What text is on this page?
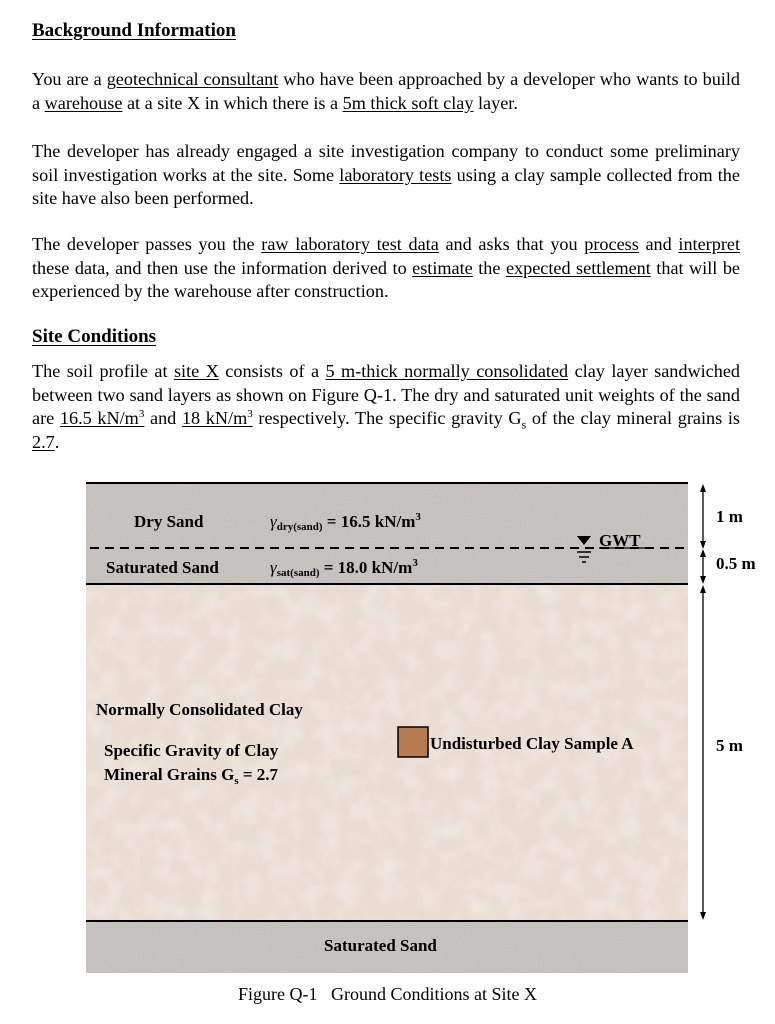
Background Information
You are a geotechnical consultant who have been approached by a developer who wants to build a warehouse at a site X in which there is a 5m thick soft clay layer.
The developer has already engaged a site investigation company to conduct some preliminary soil investigation works at the site. Some laboratory tests using a clay sample collected from the site have also been performed.
The developer passes you the raw laboratory test data and asks that you process and interpret these data, and then use the information derived to estimate the expected settlement that will be experienced by the warehouse after construction.
Site Conditions
The soil profile at site X consists of a 5 m-thick normally consolidated clay layer sandwiched between two sand layers as shown on Figure Q-1. The dry and saturated unit weights of the sand are 16.5 $kN/m^3$ and 18 $kN/m^3$ respectively. The specific gravity $G_s$ of the clay mineral grains is 2.7.
GWT
Dry Sand	γdry(sand) = 16.5 $kN/m^3$
Saturated Sand	γsat(sand) = 18.0 $kN/m^3$
Normally Consolidated Clay
Specific Gravity of Clay
Mineral Grains $G_s = 2.7$
Undisturbed Clay Sample A
Saturated Sand
1 m
0.5 m
5 m
Figure Q-1   Ground Conditions at Site X
